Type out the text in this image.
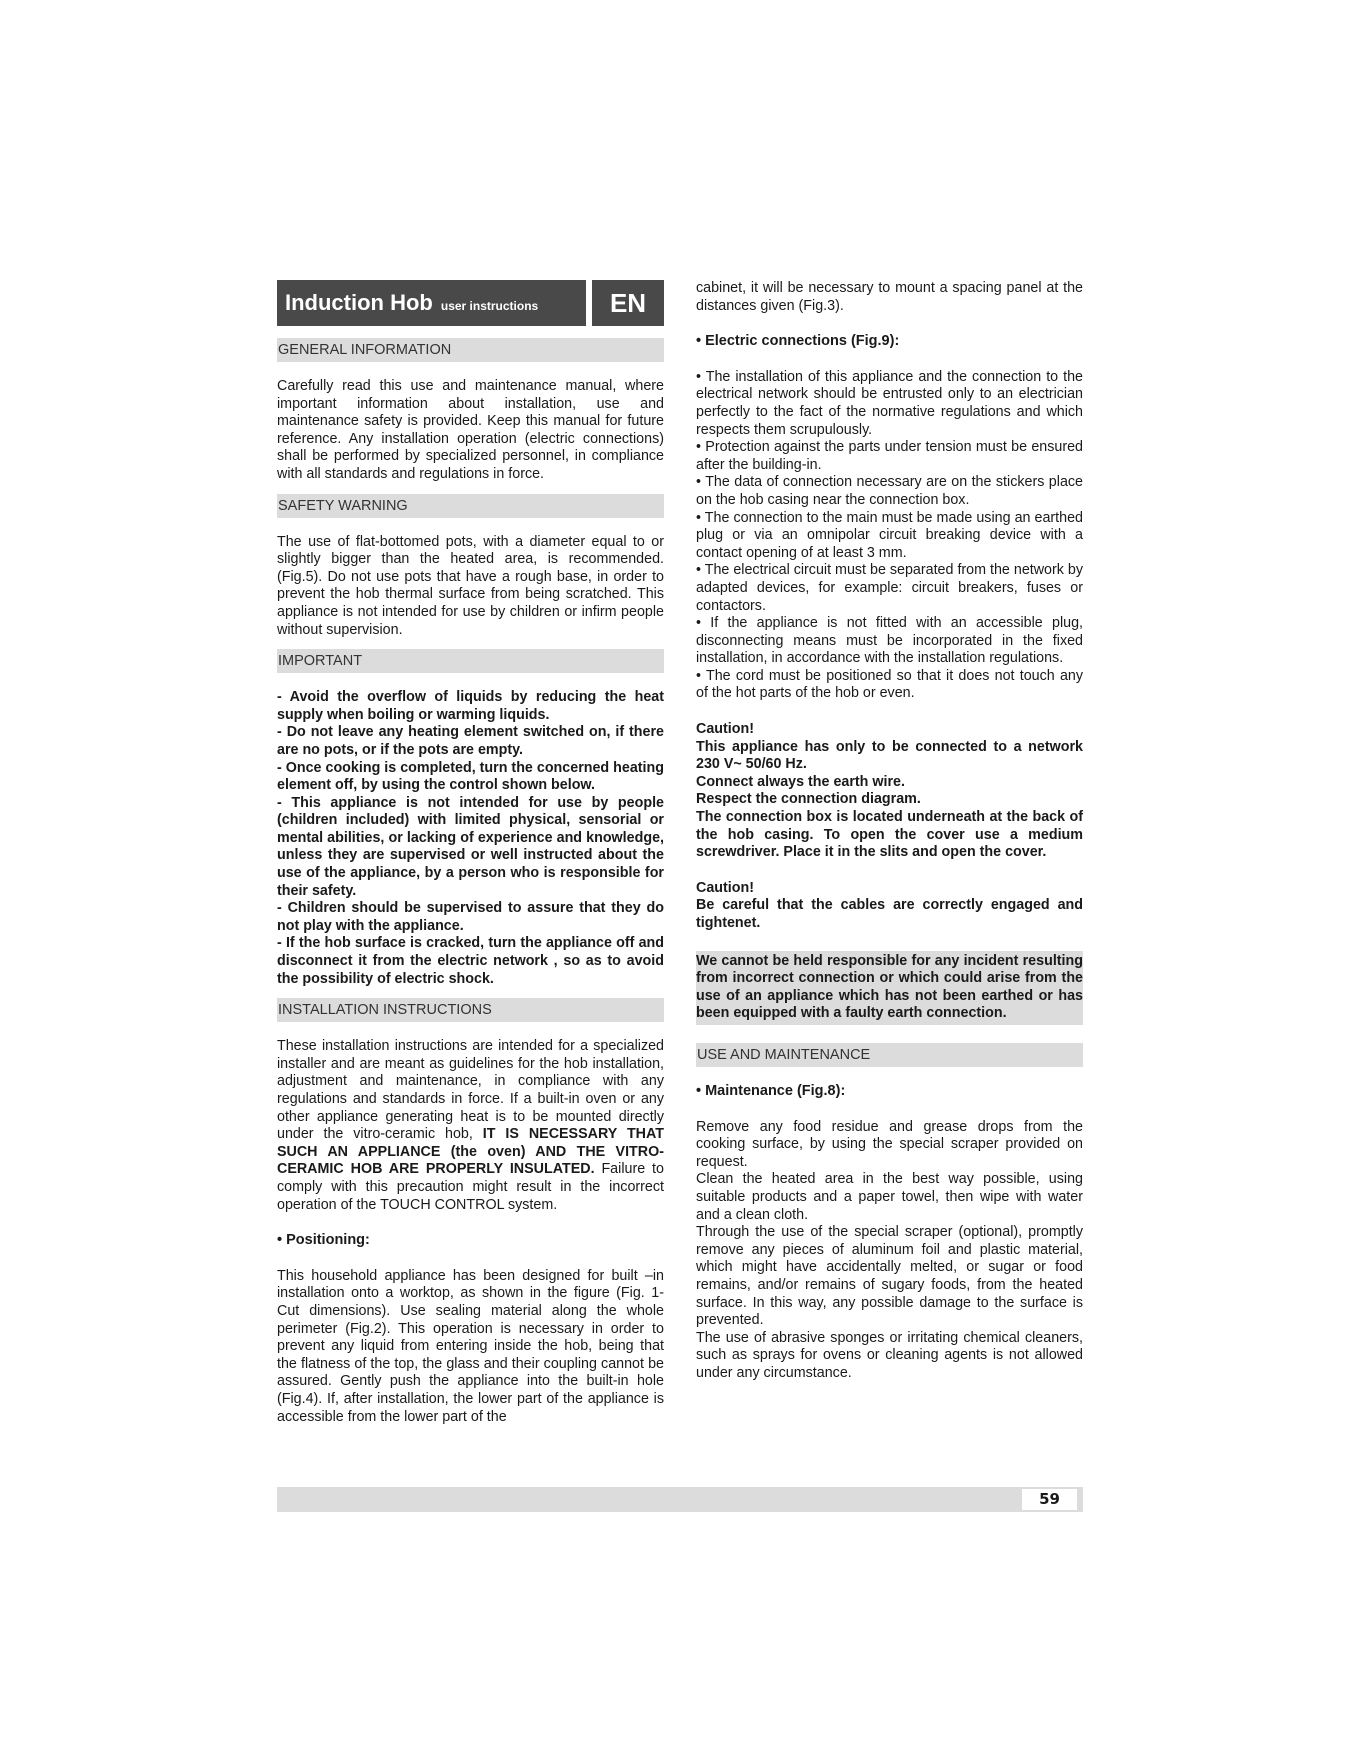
Induction Hob user instructions	EN
GENERAL INFORMATION

Carefully read this use and maintenance manual, where important information about installation, use and maintenance safety is provided. Keep this manual for future reference. Any installation operation (electric connections) shall be performed by specialized personnel, in compliance with all standards and regulations in force.

SAFETY WARNING

The use of flat-bottomed pots, with a diameter equal to or slightly bigger than the heated area, is recommended. (Fig.5). Do not use pots that have a rough base, in order to prevent the hob thermal surface from being scratched. This appliance is not intended for use by children or infirm people without supervision.

IMPORTANT

- Avoid the overflow of liquids by reducing the heat supply when boiling or warming liquids.

- Do not leave any heating element switched on, if there are no pots, or if the pots are empty.

- Once cooking is completed, turn the concerned heating element off, by using the control shown below.

- This appliance is not intended for use by people (children included) with limited physical, sensorial or mental abilities, or lacking of experience and knowledge, unless they are supervised or well instructed about the use of the appliance, by a person who is responsible for their safety.

- Children should be supervised to assure that they do not play with the appliance.

- If the hob surface is cracked, turn the appliance off and disconnect it from the electric network , so as to avoid the possibility of electric shock.

INSTALLATION INSTRUCTIONS

These installation instructions are intended for a specialized installer and are meant as guidelines for the hob installation, adjustment and maintenance, in compliance with any regulations and standards in force. If a built-in oven or any other appliance generating heat is to be mounted directly under the vitro-ceramic hob, IT IS NECESSARY THAT SUCH AN APPLIANCE (the oven) AND THE VITRO-CERAMIC HOB ARE PROPERLY INSULATED. Failure to comply with this precaution might result in the incorrect operation of the TOUCH CONTROL system.

• Positioning:

This household appliance has been designed for built –in installation onto a worktop, as shown in the figure (Fig. 1- Cut dimensions). Use sealing material along the whole perimeter (Fig.2). This operation is necessary in order to prevent any liquid from entering inside the hob, being that the flatness of the top, the glass and their coupling cannot be assured. Gently push the appliance into the built-in hole (Fig.4). If, after installation, the lower part of the appliance is accessible from the lower part of the

cabinet, it will be necessary to mount a spacing panel at the distances given (Fig.3).

• Electric connections (Fig.9):

• The installation of this appliance and the connection to the electrical network should be entrusted only to an electrician perfectly to the fact of the normative regulations and which respects them scrupulously.

• Protection against the parts under tension must be ensured after the building-in.

• The data of connection necessary are on the stickers place on the hob casing near the connection box.

• The connection to the main must be made using an earthed plug or via an omnipolar circuit breaking device with a contact opening of at least 3 mm.

• The electrical circuit must be separated from the network by adapted devices, for example: circuit breakers, fuses or contactors.

• If the appliance is not fitted with an accessible plug, disconnecting means must be incorporated in the fixed installation, in accordance with the installation regulations.

• The cord must be positioned so that it does not touch any of the hot parts of the hob or even.

Caution!

This appliance has only to be connected to a network 230 V~ 50/60 Hz.

Connect always the earth wire.

Respect the connection diagram.

The connection box is located underneath at the back of the hob casing. To open the cover use a medium screwdriver. Place it in the slits and open the cover.

Caution!

Be careful that the cables are correctly engaged and tightenet.

We cannot be held responsible for any incident resulting from incorrect connection or which could arise from the use of an appliance which has not been earthed or has been equipped with a faulty earth connection.

USE AND MAINTENANCE

• Maintenance (Fig.8):

Remove any food residue and grease drops from the cooking surface, by using the special scraper provided on request.

Clean the heated area in the best way possible, using suitable products and a paper towel, then wipe with water and a clean cloth.

Through the use of the special scraper (optional), promptly remove any pieces of aluminum foil and plastic material, which might have accidentally melted, or sugar or food remains, and/or remains of sugary foods, from the heated surface. In this way, any possible damage to the surface is prevented.

The use of abrasive sponges or irritating chemical cleaners, such as sprays for ovens or cleaning agents is not allowed under any circumstance.

59
